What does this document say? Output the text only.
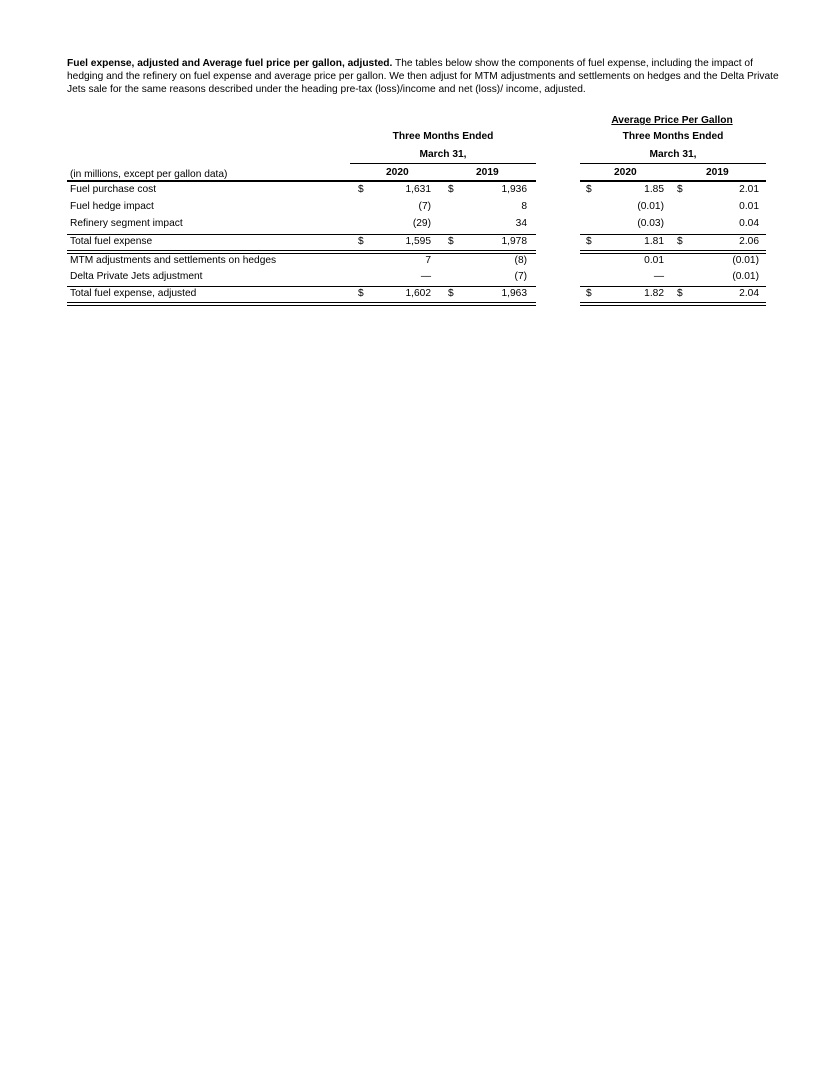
Fuel expense, adjusted and Average fuel price per gallon, adjusted. The tables below show the components of fuel expense, including the impact of hedging and the refinery on fuel expense and average price per gallon. We then adjust for MTM adjustments and settlements on hedges and the Delta Private Jets sale for the same reasons described under the heading pre-tax (loss)/income and net (loss)/ income, adjusted.
Average Price Per Gallon
Three Months Ended	Three Months Ended
March 31,	March 31,
(in millions, except per gallon data)	2020	2019	2020	2019
Fuel purchase cost	$	1,631 $	1,936	$	1.85 $	2.01
Fuel hedge impact	(7)	8	(0.01)	0.01
Refinery segment impact	(29)	34	(0.03)	0.04
Total fuel expense	$	1,595 $	1,978	$	1.81 $	2.06
MTM adjustments and settlements on hedges	7	(8)	0.01	(0.01)
Delta Private Jets adjustment	—	(7)	—	(0.01)
Total fuel expense, adjusted	$	1,602 $	1,963	$	1.82 $	2.04
